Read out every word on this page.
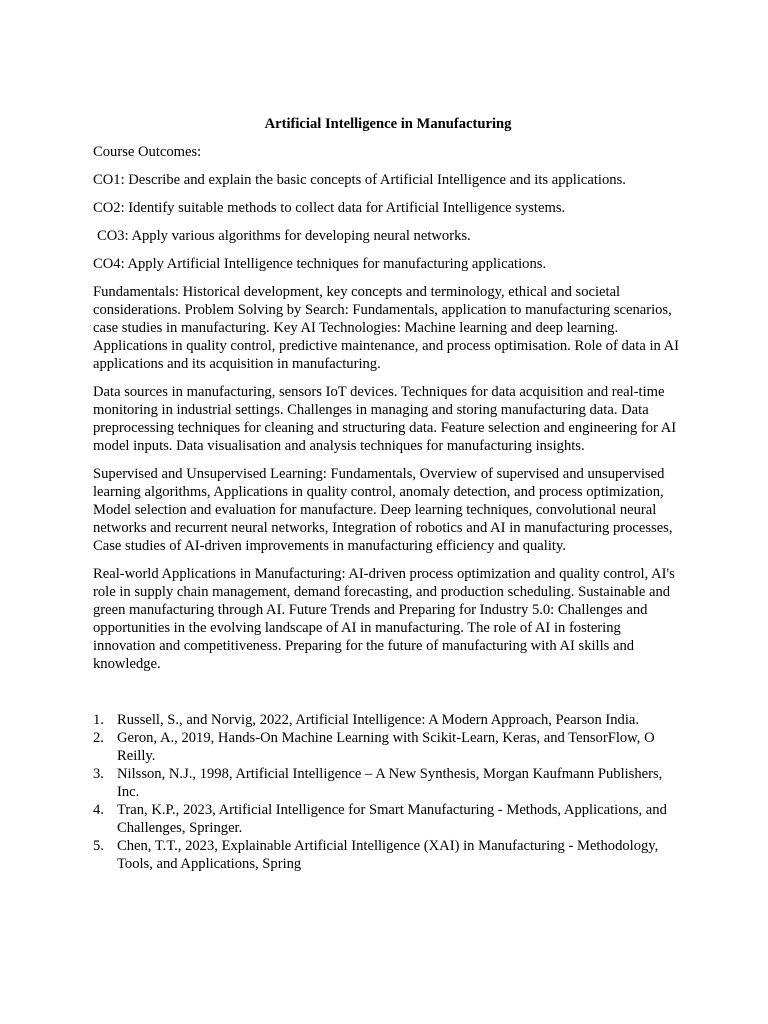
Artificial Intelligence in Manufacturing
Course Outcomes:
CO1: Describe and explain the basic concepts of Artificial Intelligence and its applications.
CO2: Identify suitable methods to collect data for Artificial Intelligence systems.
CO3: Apply various algorithms for developing neural networks.
CO4: Apply Artificial Intelligence techniques for manufacturing applications.
Fundamentals: Historical development, key concepts and terminology, ethical and societal considerations. Problem Solving by Search: Fundamentals, application to manufacturing scenarios, case studies in manufacturing. Key AI Technologies: Machine learning and deep learning. Applications in quality control, predictive maintenance, and process optimisation. Role of data in AI applications and its acquisition in manufacturing.
Data sources in manufacturing, sensors IoT devices. Techniques for data acquisition and real-time monitoring in industrial settings. Challenges in managing and storing manufacturing data. Data preprocessing techniques for cleaning and structuring data. Feature selection and engineering for AI model inputs. Data visualisation and analysis techniques for manufacturing insights.
Supervised and Unsupervised Learning: Fundamentals, Overview of supervised and unsupervised learning algorithms, Applications in quality control, anomaly detection, and process optimization, Model selection and evaluation for manufacture. Deep learning techniques, convolutional neural networks and recurrent neural networks, Integration of robotics and AI in manufacturing processes, Case studies of AI-driven improvements in manufacturing efficiency and quality.
Real-world Applications in Manufacturing: AI-driven process optimization and quality control, AI's role in supply chain management, demand forecasting, and production scheduling. Sustainable and green manufacturing through AI. Future Trends and Preparing for Industry 5.0: Challenges and opportunities in the evolving landscape of AI in manufacturing. The role of AI in fostering innovation and competitiveness. Preparing for the future of manufacturing with AI skills and knowledge.
1. Russell, S., and Norvig, 2022, Artificial Intelligence: A Modern Approach, Pearson India.
2. Geron, A., 2019, Hands-On Machine Learning with Scikit-Learn, Keras, and TensorFlow, O Reilly.
3. Nilsson, N.J., 1998, Artificial Intelligence – A New Synthesis, Morgan Kaufmann Publishers, Inc.
4. Tran, K.P., 2023, Artificial Intelligence for Smart Manufacturing - Methods, Applications, and Challenges, Springer.
5. Chen, T.T., 2023, Explainable Artificial Intelligence (XAI) in Manufacturing - Methodology, Tools, and Applications, Spring
